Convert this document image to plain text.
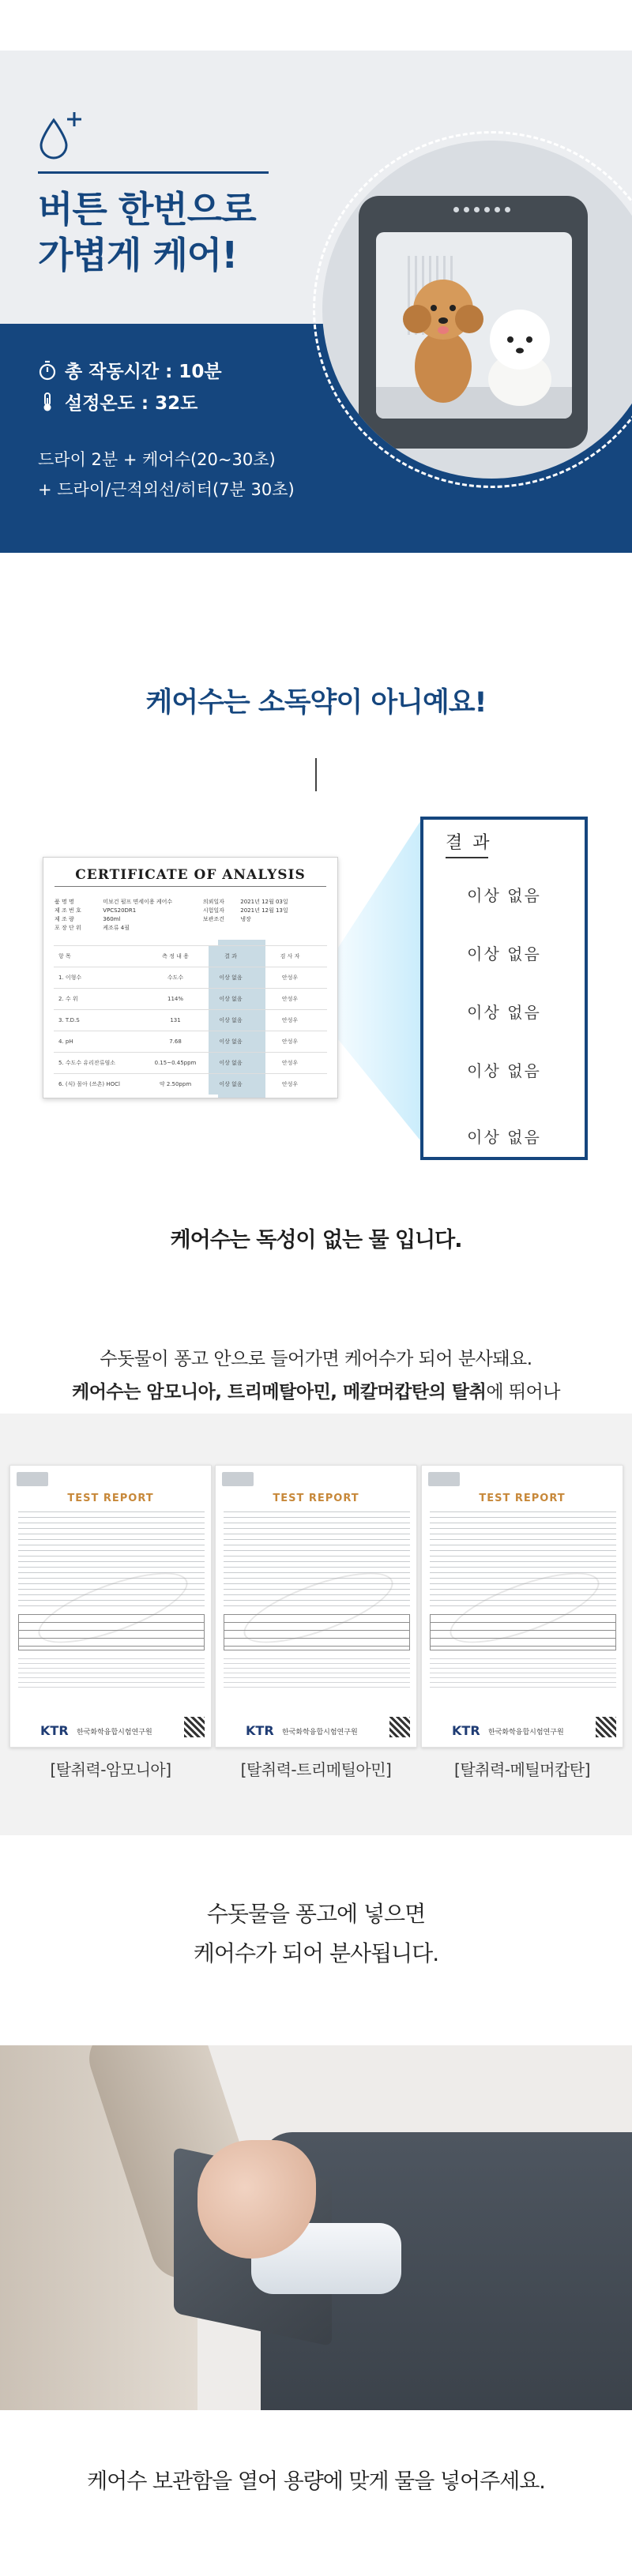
버튼 한번으로
가볍게 케어!
총 작동시간 : 10분
설정온도 : 32도
드라이 2분 + 케어수(20~30초)
+ 드라이/근적외선/히터(7분 30초)
케어수는 소독약이 아니예요!
CERTIFICATE OF ANALYSIS
품 명 명	미보건 펄프 면세이용 케어수	의뢰일자	2021년 12월 03일
제 조 번 호	VPCS20DR1	시험일자	2021년 12월 13일
제 조 량	360ml	보관조건	냉장
포 장 단 위	케조류 4필
항 목	측 정 내 용	결 과	검 사 자
1. 이형수	수도수	이상 없음	안성우
2. 수 위	114%	이상 없음	안성우
3. T.D.S	131	이상 없음	안성우
4. pH	7.68	이상 없음	안성우
5. 수도수 유리잔류염소	0.15~0.45ppm	이상 없음	안성우
6. (식) 몰아 (쓰촌) HOCl	약 2.50ppm	이상 없음	안성우
결 과
이상 없음
이상 없음
이상 없음
이상 없음
이상 없음
케어수는 독성이 없는 물 입니다.
수돗물이 퐁고 안으로 들어가면 케어수가 되어 분사돼요.
케어수는 암모니아, 트리메탈아민, 메칼머캅탄의 탈취에 뛰어나
TEST REPORT
KTR 한국화학융합시험연구원
TEST REPORT
KTR 한국화학융합시험연구원
TEST REPORT
KTR 한국화학융합시험연구원
[탈취력-암모니아]	[탈취력-트리메틸아민]	[탈취력-메틸머캅탄]
수돗물을 퐁고에 넣으면
케어수가 되어 분사됩니다.
케어수 보관함을 열어 용량에 맞게 물을 넣어주세요.
